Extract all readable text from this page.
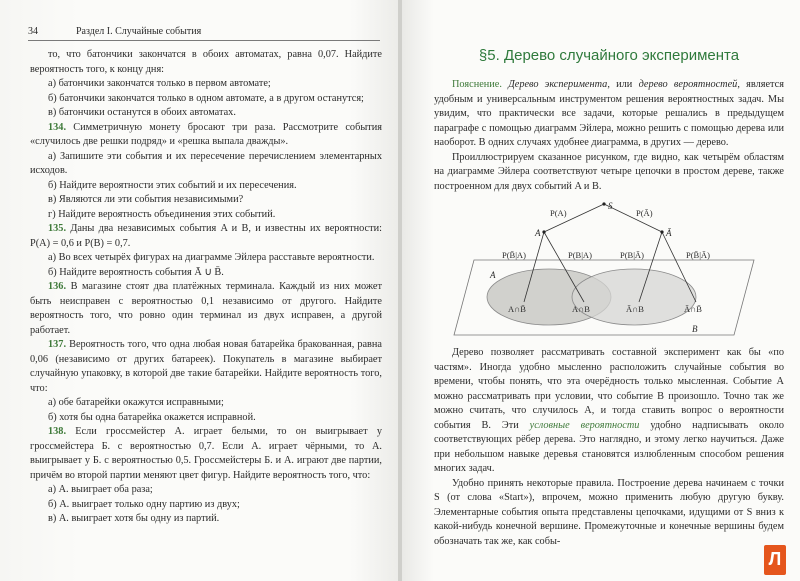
34	Раздел I. Случайные события

то, что батончики закончатся в обоих автоматах, равна 0,07. Найдите вероятность того, к концу дня:

а) батончики закончатся только в первом автомате;

б) батончики закончатся только в одном автомате, а в другом останутся;

в) батончики останутся в обоих автоматах.

134. Симметричную монету бросают три раза. Рассмотрите события «случилось две решки подряд» и «решка выпала дважды».

а) Запишите эти события и их пересечение перечислением элементарных исходов.

б) Найдите вероятности этих событий и их пересечения.

в) Являются ли эти события независимыми?

г) Найдите вероятность объединения этих событий.

135. Даны два независимых события A и B, и известны их вероятности: P(A) = 0,6 и P(B) = 0,7.

а) Во всех четырёх фигурах на диаграмме Эйлера расставьте вероятности.

б) Найдите вероятность события Ā ∪ B̄.

136. В магазине стоят два платёжных терминала. Каждый из них может быть неисправен с вероятностью 0,1 независимо от другого. Найдите вероятность того, что ровно один терминал из двух исправен, а другой работает.

137. Вероятность того, что одна любая новая батарейка бракованная, равна 0,06 (независимо от других батареек). Покупатель в магазине выбирает случайную упаковку, в которой две такие батарейки. Найдите вероятность того, что:

а) обе батарейки окажутся исправными;

б) хотя бы одна батарейка окажется исправной.

138. Если гроссмейстер А. играет белыми, то он выигрывает у гроссмейстера Б. с вероятностью 0,7. Если А. играет чёрными, то А. выигрывает у Б. с вероятностью 0,5. Гроссмейстеры Б. и А. играют две партии, причём во второй партии меняют цвет фигур. Найдите вероятность того, что:

а) А. выиграет оба раза;

б) А. выиграет только одну партию из двух;

в) А. выиграет хотя бы одну из партий.

§5. Дерево случайного эксперимента

Пояснение. Дерево эксперимента, или дерево вероятностей, является удобным и универсальным инструментом решения вероятностных задач. Мы увидим, что практически все задачи, которые решались в предыдущем параграфе с помощью диаграмм Эйлера, можно решить с помощью дерева или наоборот. В одних случаях удобнее диаграмма, в других — дерево.

Проиллюстрируем сказанное рисунком, где видно, как четырём областям на диаграмме Эйлера соответствуют четыре цепочки в простом дереве, также построенном для двух событий A и B.

S
P(A)	P(Ā)
A	Ā
P(B̄|A)	P(B|A)	P(B|Ā)	P(B̄|Ā)
A∩B̄	A∩B	Ā∩B	Ā∩B̄
A
B

Дерево позволяет рассматривать составной эксперимент как бы «по частям». Иногда удобно мысленно расположить случайные события во времени, чтобы понять, что эта очерёдность только мысленная. Событие A можно рассматривать при условии, что событие B произошло. Точно так же можно считать, что случилось A, и тогда ставить вопрос о вероятности события B. Эти условные вероятности удобно надписывать около соответствующих рёбер дерева. Это наглядно, и этому легко научиться. Даже при небольшом навыке деревья становятся излюбленным способом решения многих задач.

Удобно принять некоторые правила. Построение дерева начинаем с точки S (от слова «Start»), впрочем, можно применить любую другую букву. Элементарные события опыта представлены цепочками, идущими от S вниз к какой-нибудь конечной вершине. Промежуточные и конечные вершины будем обозначать так же, как собы-

Л
